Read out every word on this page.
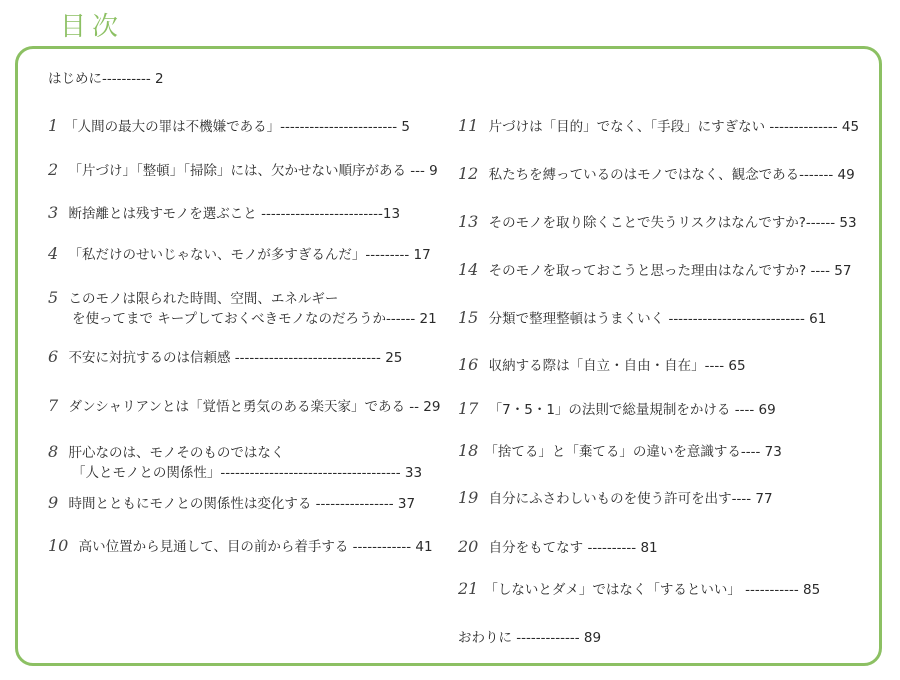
目次
はじめに---------- 2
1 「人間の最大の罪は不機嫌である」------------------------ 5
2 「片づけ」「整頓」「掃除」には、欠かせない順序がある --- 9
3 断捨離とは残すモノを選ぶこと -------------------------13
4 「私だけのせいじゃない、モノが多すぎるんだ」--------- 17
5 このモノは限られた時間、空間、エネルギー
を使ってまで キープしておくべきモノなのだろうか------ 21
6 不安に対抗するのは信頼感 ------------------------------ 25
7 ダンシャリアンとは「覚悟と勇気のある楽天家」である -- 29
8 肝心なのは、モノそのものではなく
「人とモノとの関係性」------------------------------------- 33
9 時間とともにモノとの関係性は変化する ---------------- 37
10 高い位置から見通して、目の前から着手する ------------ 41
11 片づけは「目的」でなく、「手段」にすぎない -------------- 45
12 私たちを縛っているのはモノではなく、観念である------- 49
13 そのモノを取り除くことで失うリスクはなんですか?------ 53
14 そのモノを取っておこうと思った理由はなんですか? ---- 57
15 分類で整理整頓はうまくいく ---------------------------- 61
16 収納する際は「自立・自由・自在」---- 65
17 「7・5・1」の法則で総量規制をかける ---- 69
18 「捨てる」と「棄てる」の違いを意識する---- 73
19 自分にふさわしいものを使う許可を出す---- 77
20 自分をもてなす ---------- 81
21 「しないとダメ」ではなく「するといい」 ----------- 85
おわりに ------------- 89
